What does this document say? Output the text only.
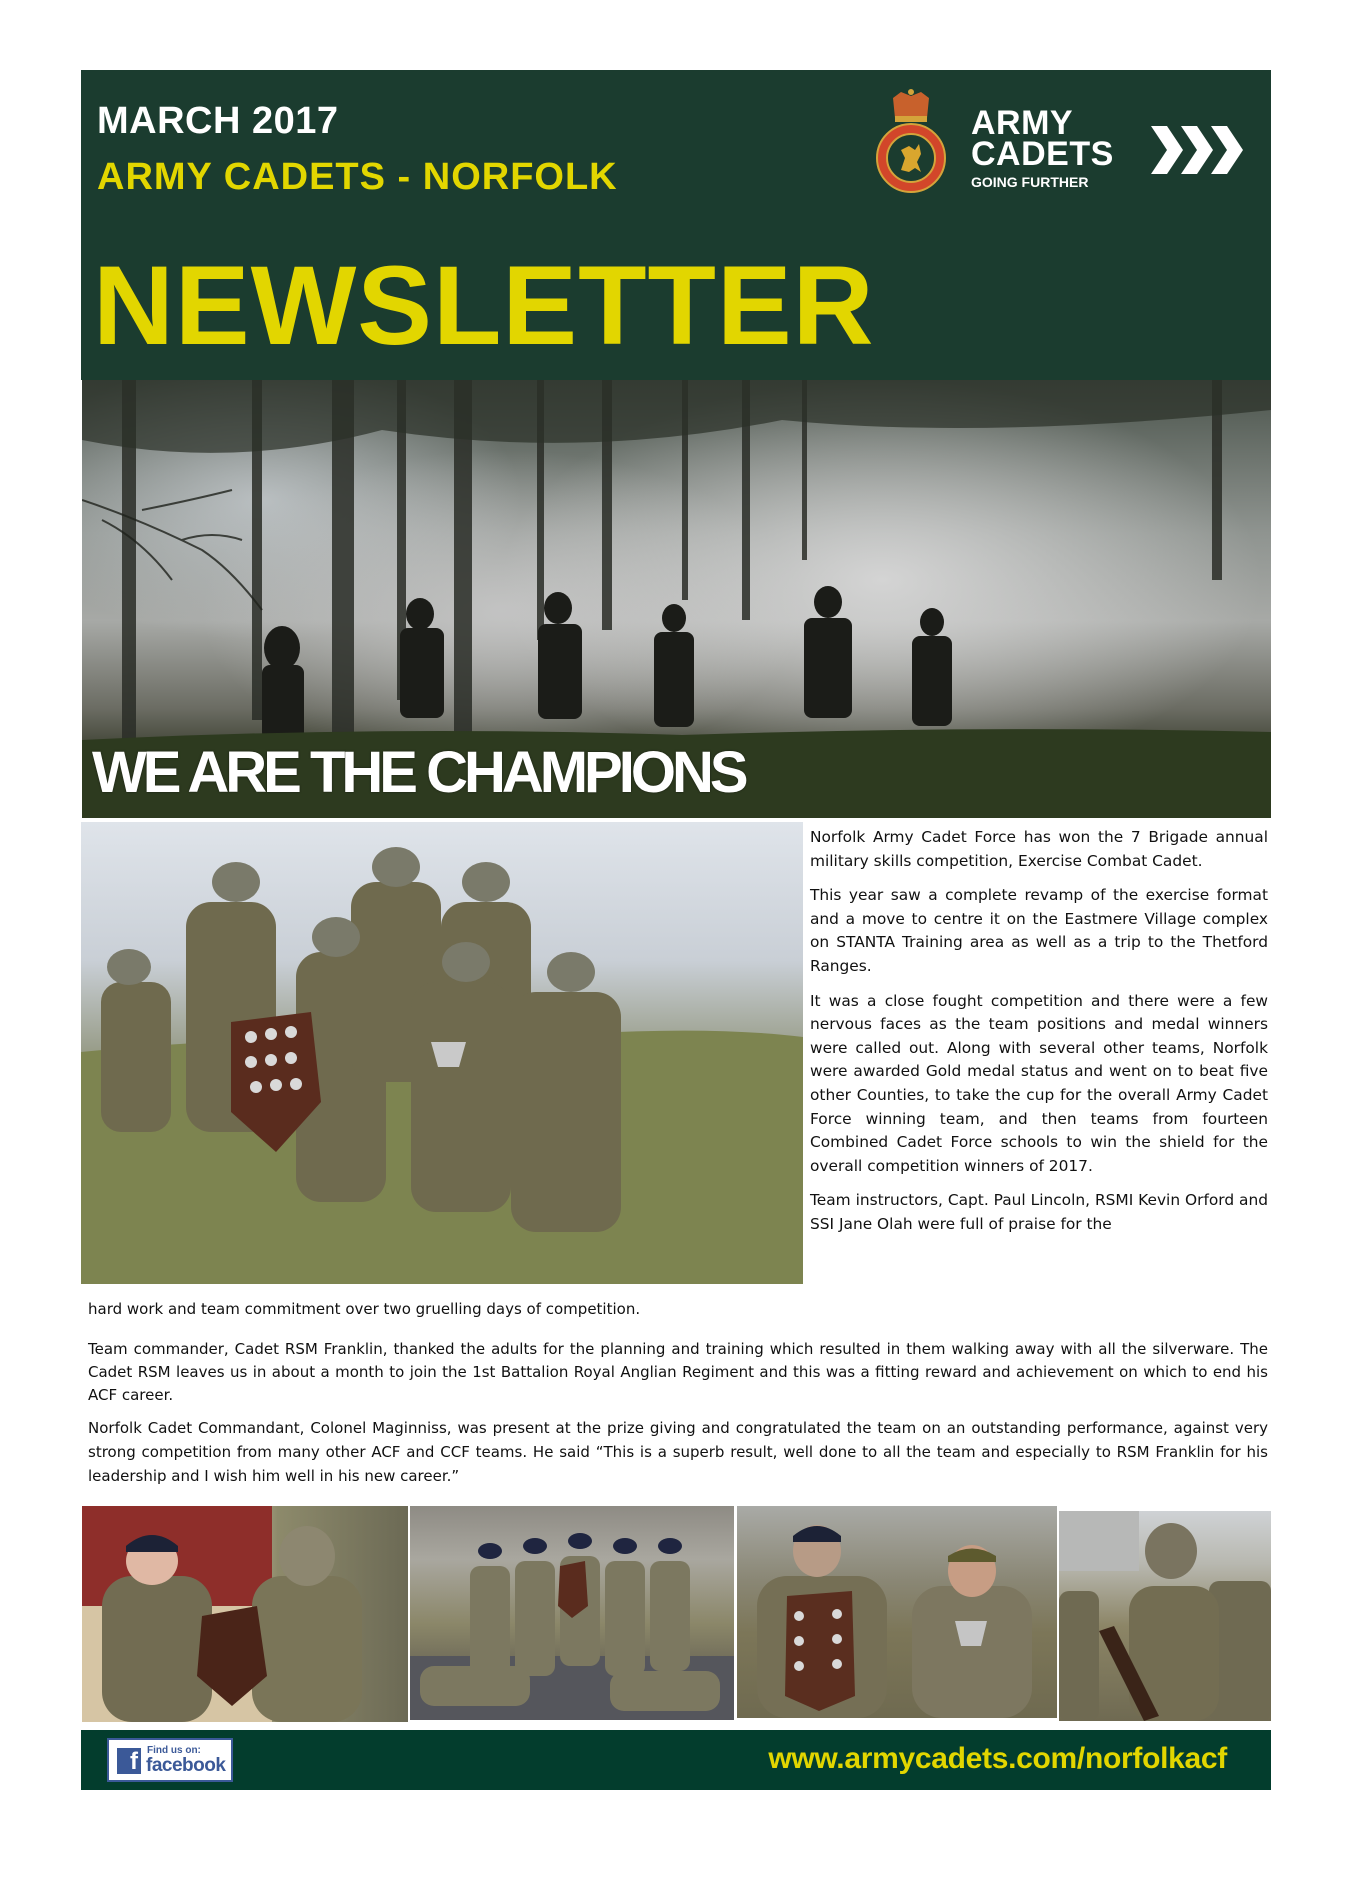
MARCH 2017
ARMY CADETS - NORFOLK
NEWSLETTER
ARMY
CADETS
GOING FURTHER
WE ARE THE CHAMPIONS

Norfolk Army Cadet Force has won the 7 Brigade annual military skills competition, Exercise Combat Cadet.

This year saw a complete revamp of the exercise format and a move to centre it on the Eastmere Village complex on STANTA Training area as well as a trip to the Thetford Ranges.

It was a close fought competition and there were a few nervous faces as the team positions and medal winners were called out. Along with several other teams, Norfolk were awarded Gold medal status and went on to beat five other Counties, to take the cup for the overall Army Cadet Force winning team, and then teams from fourteen Combined Cadet Force schools to win the shield for the overall competition winners of 2017.

Team instructors, Capt. Paul Lincoln, RSMI Kevin Orford and SSI Jane Olah were full of praise for the

hard work and team commitment over two gruelling days of competition.
Team commander, Cadet RSM Franklin, thanked the adults for the planning and training which resulted in them walking away with all the silverware. The Cadet RSM leaves us in about a month to join the 1st Battalion Royal Anglian Regiment and this was a fitting reward and achievement on which to end his ACF career.
Norfolk Cadet Commandant, Colonel Maginniss, was present at the prize giving and congratulated the team on an outstanding performance, against very strong competition from many other ACF and CCF teams. He said “This is a superb result, well done to all the team and especially to RSM Franklin for his leadership and I wish him well in his new career.”
f Find us on:
facebook	www.armycadets.com/norfolkacf
